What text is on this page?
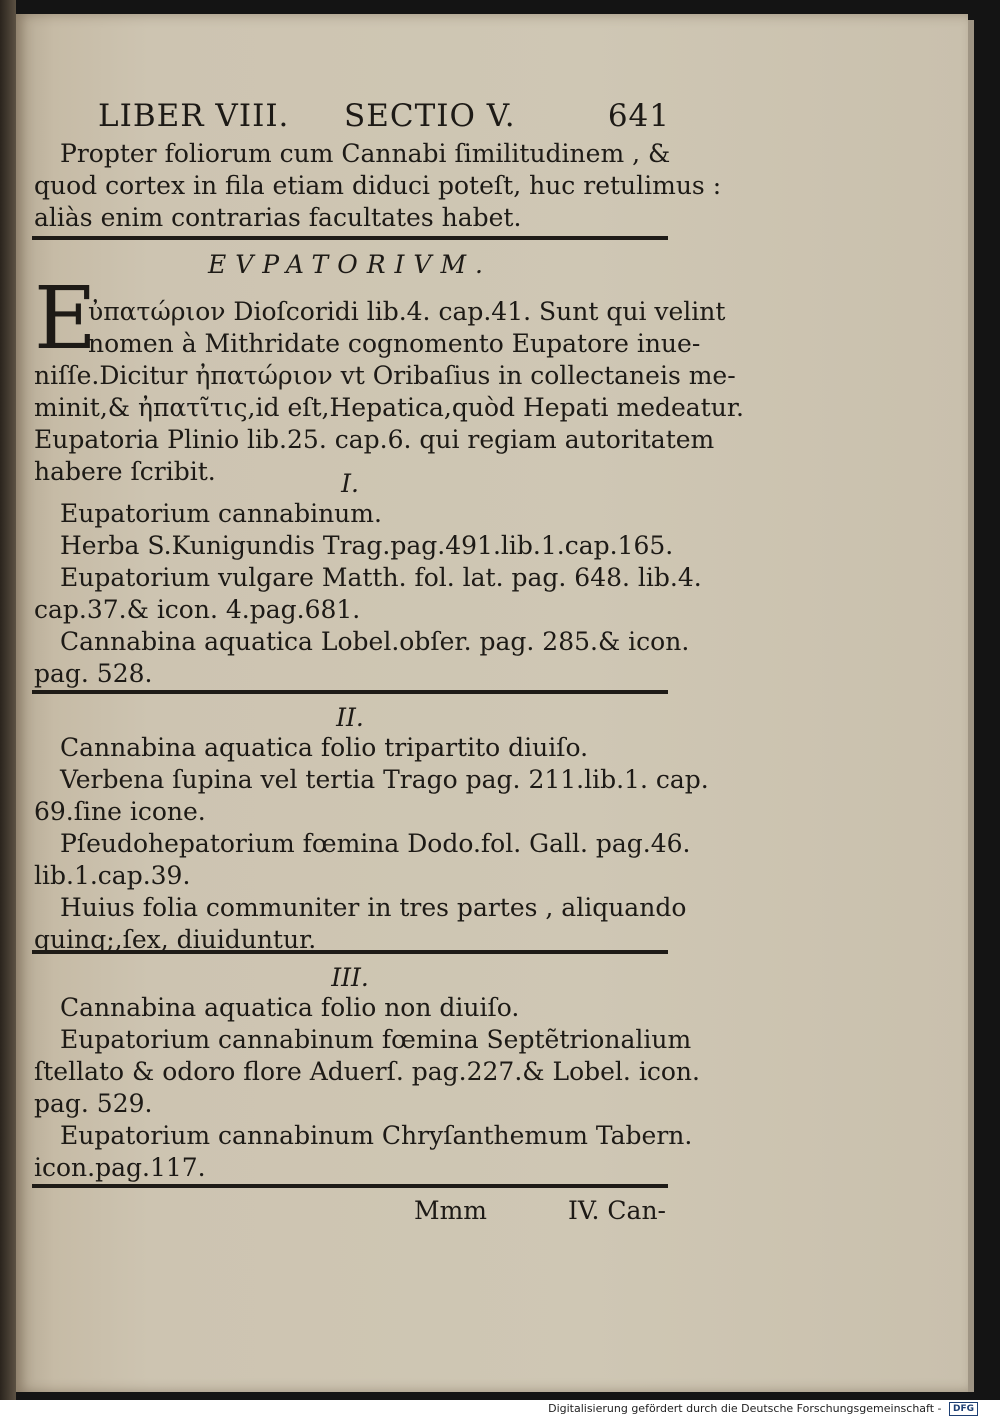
LIBER VIII. SECTIO V.	641
Propter foliorum cum Cannabi ſimilitudinem , &
quod cortex in fila etiam diduci poteſt, huc retulimus :
aliàs enim contrarias facultates habet.
EVPATORIVM.
E
ὐπατώριον Dioſcoridi lib.4. cap.41. Sunt qui velint
nomen à Mithridate cognomento Eupatore inue-
niſſe.Dicitur ἠπατώριον vt Oribaſius in collectaneis me-
minit,& ἠπατῖτις,id eſt,Hepatica,quòd Hepati medeatur.
Eupatoria Plinio lib.25. cap.6. qui regiam autoritatem
habere ſcribit.	I.
Eupatorium cannabinum.
Herba S.Kunigundis Trag.pag.491.lib.1.cap.165.
Eupatorium vulgare Matth. fol. lat. pag. 648. lib.4.
cap.37.& icon. 4.pag.681.
Cannabina aquatica Lobel.obſer. pag. 285.& icon.
pag. 528.
II.
Cannabina aquatica folio tripartito diuiſo.
Verbena ſupina vel tertia Trago pag. 211.lib.1. cap.
69.ſine icone.
Pſeudohepatorium fœmina Dodo.fol. Gall. pag.46.
lib.1.cap.39.
Huius folia communiter in tres partes , aliquando
quinq;,ſex, diuiduntur.
III.
Cannabina aquatica folio non diuiſo.
Eupatorium cannabinum fœmina Septẽtrionalium
ſtellato & odoro flore Aduerſ. pag.227.& Lobel. icon.
pag. 529.
Eupatorium cannabinum Chryſanthemum Tabern.
icon.pag.117.
Mmm	IV. Can-
Digitalisierung gefördert durch die Deutsche Forschungsgemeinschaft - DFG
